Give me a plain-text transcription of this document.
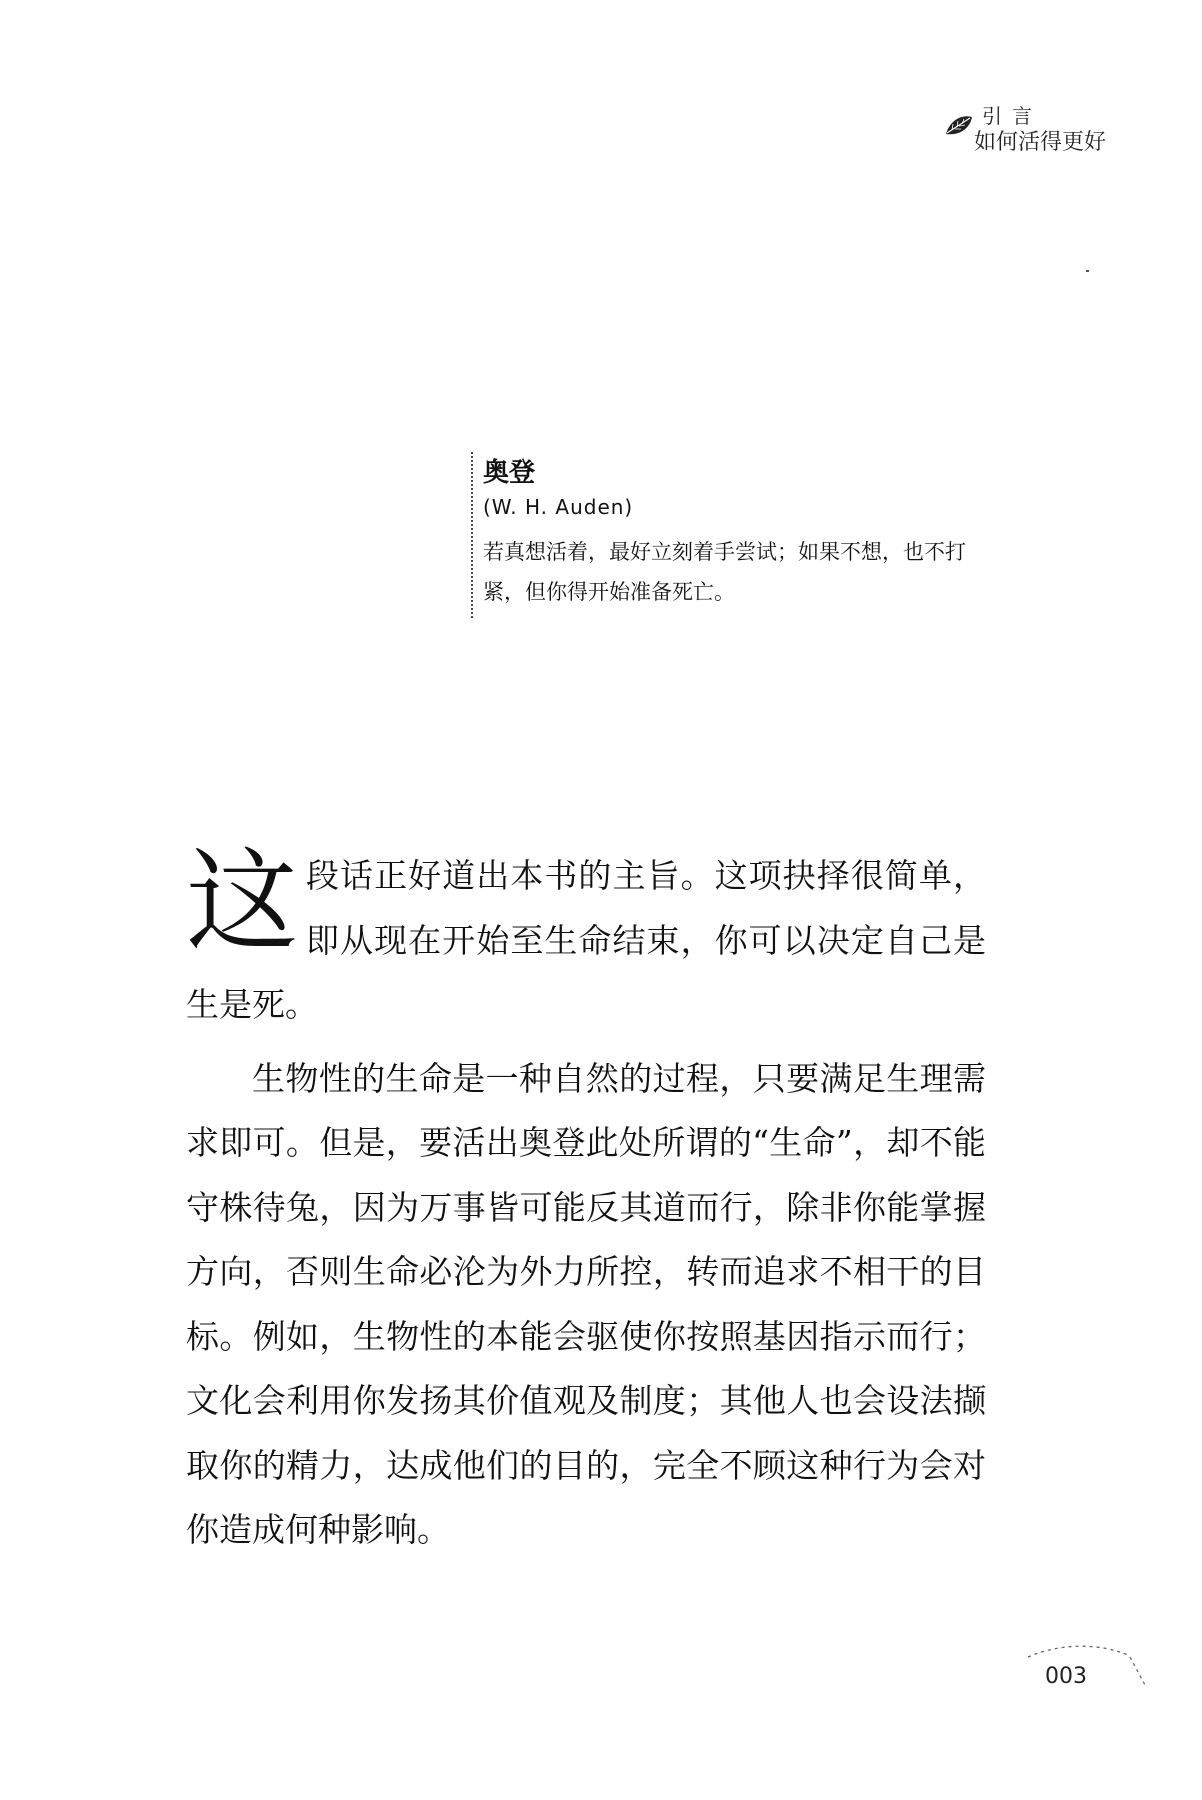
引言
如何活得更好

奥登

(W. H. Auden)

若真想活着，最好立刻着手尝试；如果不想，也不打紧，但你得开始准备死亡。

这段话正好道出本书的主旨。这项抉择很简单，即从现在开始至生命结束，你可以决定自己是生是死。

生物性的生命是一种自然的过程，只要满足生理需求即可。但是，要活出奥登此处所谓的“生命”，却不能守株待兔，因为万事皆可能反其道而行，除非你能掌握方向，否则生命必沦为外力所控，转而追求不相干的目标。例如，生物性的本能会驱使你按照基因指示而行；文化会利用你发扬其价值观及制度；其他人也会设法撷取你的精力，达成他们的目的，完全不顾这种行为会对你造成何种影响。

003
